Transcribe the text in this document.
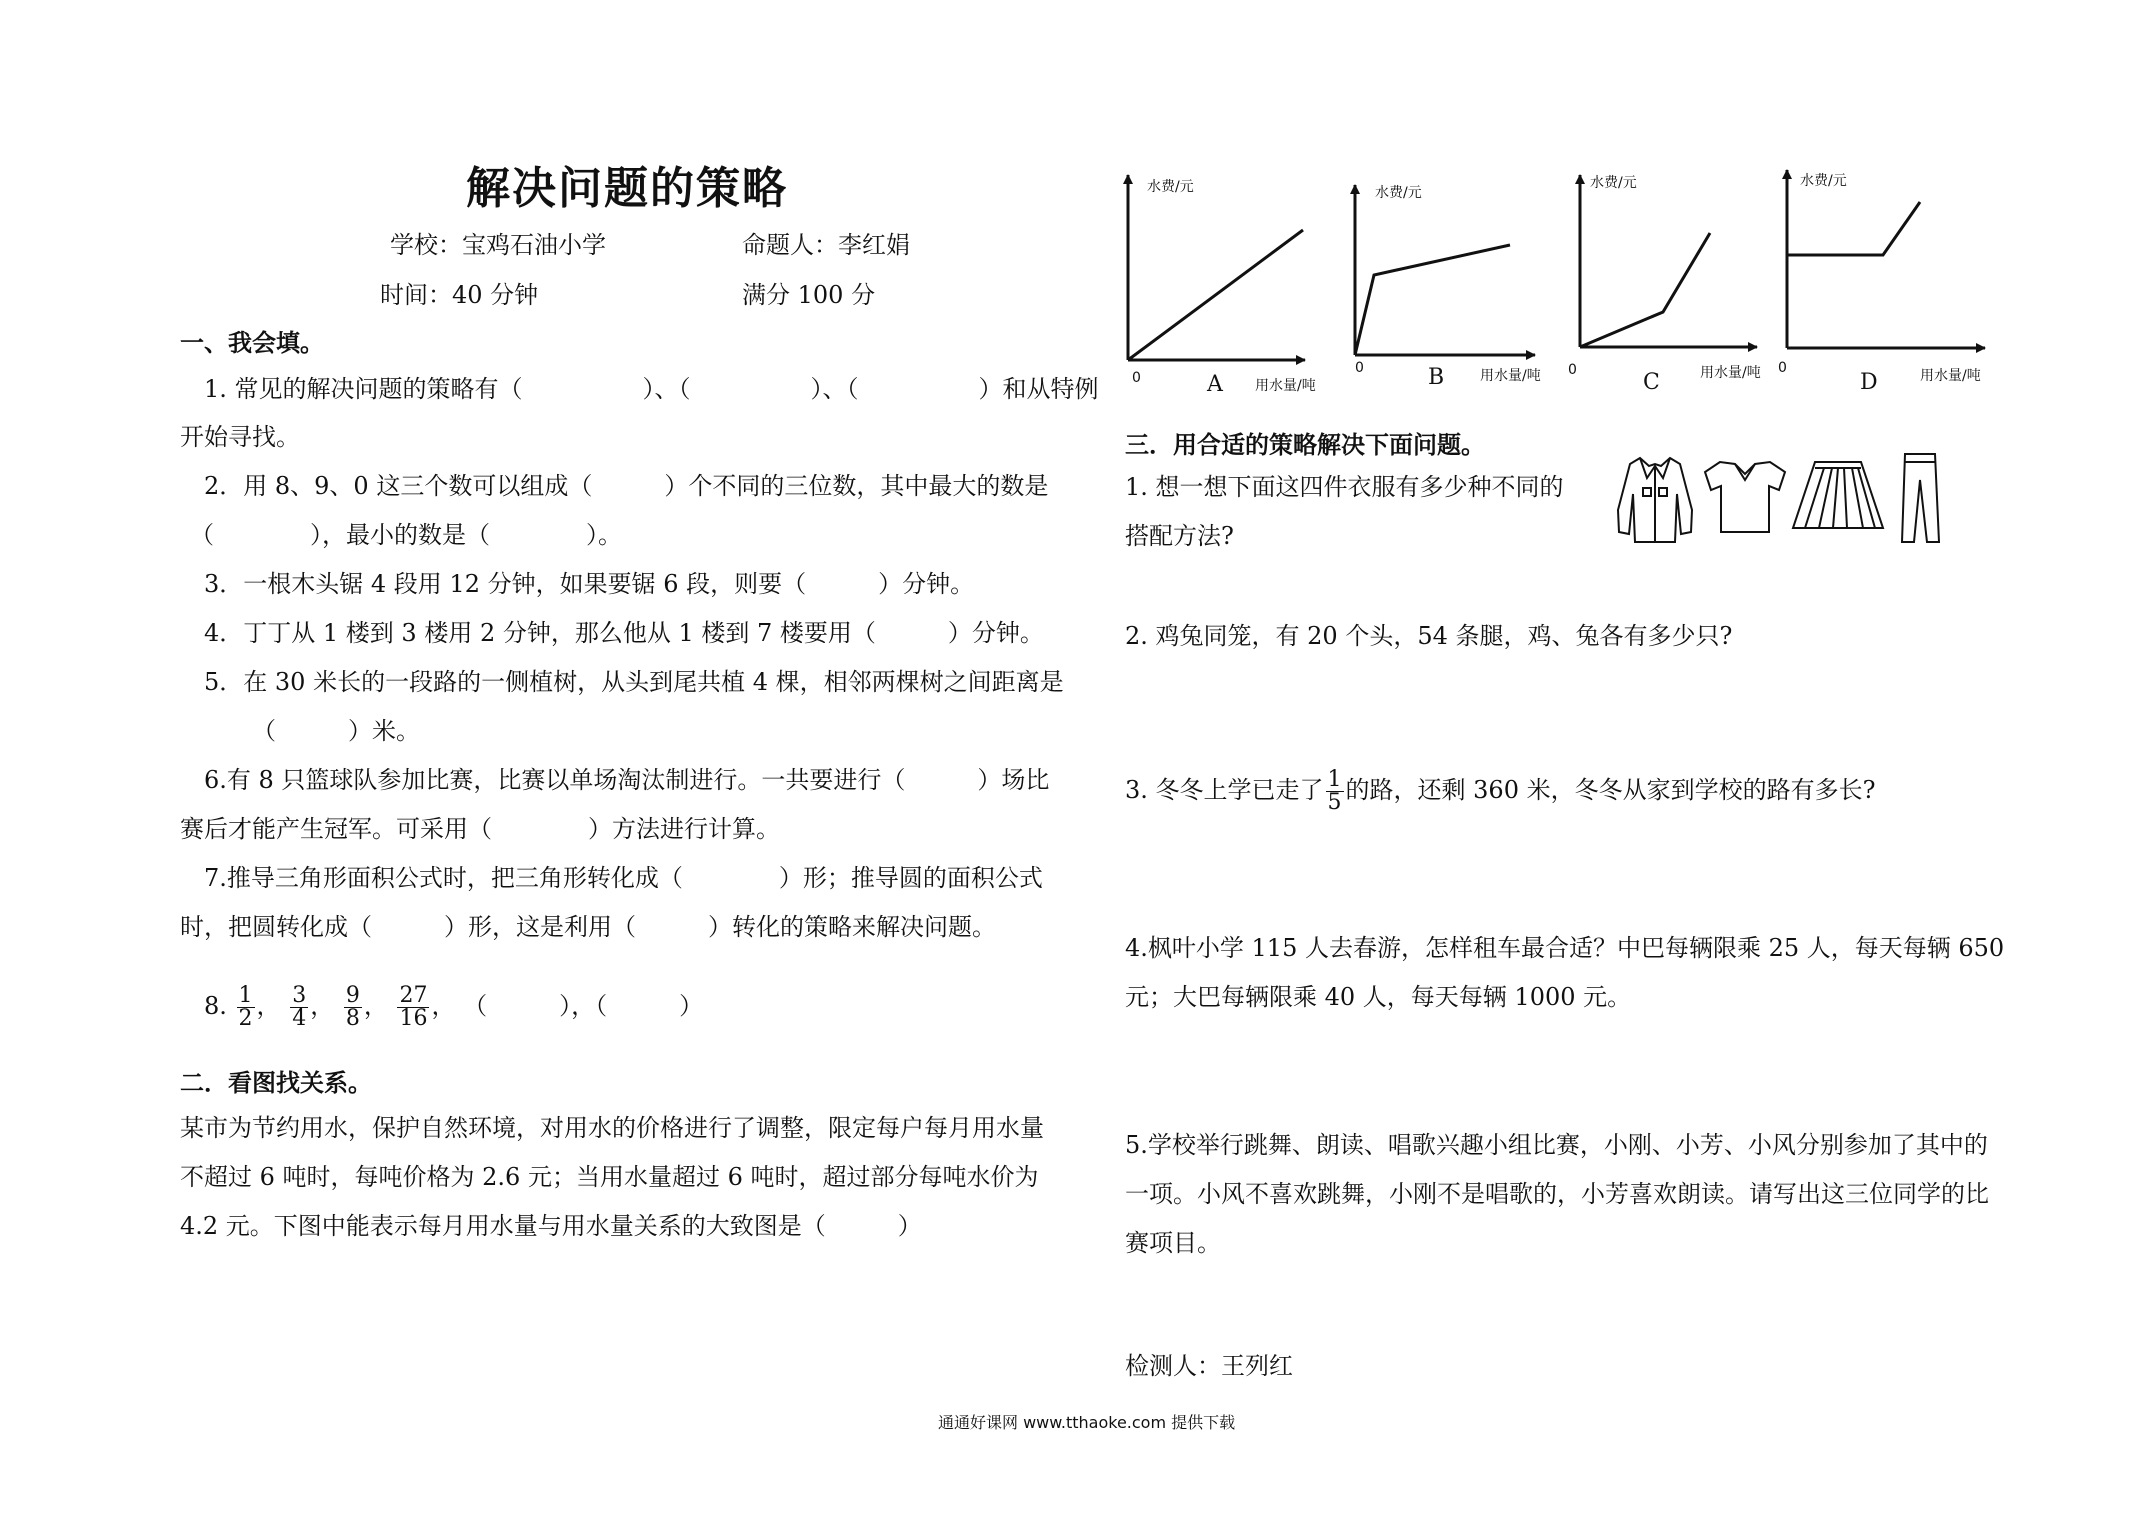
解决问题的策略
学校：宝鸡石油小学	命题人：李红娟
时间：40 分钟	满分 100 分
一、我会填。
1. 常见的解决问题的策略有（　　　　　）、（　　　　　）、（　　　　　）和从特例
开始寻找。
2．用 8、9、0 这三个数可以组成（　　　）个不同的三位数，其中最大的数是
（　　　　），最小的数是（　　　　）。
3．一根木头锯 4 段用 12 分钟，如果要锯 6 段，则要（　　　）分钟。
4．丁丁从 1 楼到 3 楼用 2 分钟，那么他从 1 楼到 7 楼要用（　　　）分钟。
5．在 30 米长的一段路的一侧植树，从头到尾共植 4 棵，相邻两棵树之间距离是
（　　　）米。
6.有 8 只篮球队参加比赛，比赛以单场淘汰制进行。一共要进行（　　　）场比
赛后才能产生冠军。可采用（　　　　）方法进行计算。
7.推导三角形面积公式时，把三角形转化成（　　　　）形；推导圆的面积公式
时，把圆转化成（　　　）形，这是利用（　　　）转化的策略来解决问题。
8. $\frac{1}{2}$ ， $\frac{3}{4}$ ， $\frac{9}{8}$ ， $\frac{27}{16}$ ， （　　　），（　　　）
二．看图找关系。
某市为节约用水，保护自然环境，对用水的价格进行了调整，限定每户每月用水量
不超过 6 吨时，每吨价格为 2.6 元；当用水量超过 6 吨时，超过部分每吨水价为
4.2 元。下图中能表示每月用水量与用水量关系的大致图是（　　　）
水费/元	水费/元
水费/元	水费/元
0
0	0	0
A	B	C	D
用水量/吨
用水量/吨	用水量/吨	用水量/吨
三．用合适的策略解决下面问题。
1. 想一想下面这四件衣服有多少种不同的
搭配方法?
2. 鸡兔同笼，有 20 个头，54 条腿，鸡、兔各有多少只?
3. 冬冬上学已走了 $\frac{1}{5}$ 的路，还剩 360 米，冬冬从家到学校的路有多长?
4.枫叶小学 115 人去春游，怎样租车最合适？中巴每辆限乘 25 人，每天每辆 650
元；大巴每辆限乘 40 人，每天每辆 1000 元。
5.学校举行跳舞、朗读、唱歌兴趣小组比赛，小刚、小芳、小风分别参加了其中的
一项。小风不喜欢跳舞，小刚不是唱歌的，小芳喜欢朗读。请写出这三位同学的比
赛项目。
检测人：王列红
通通好课网 www.tthaoke.com 提供下载
